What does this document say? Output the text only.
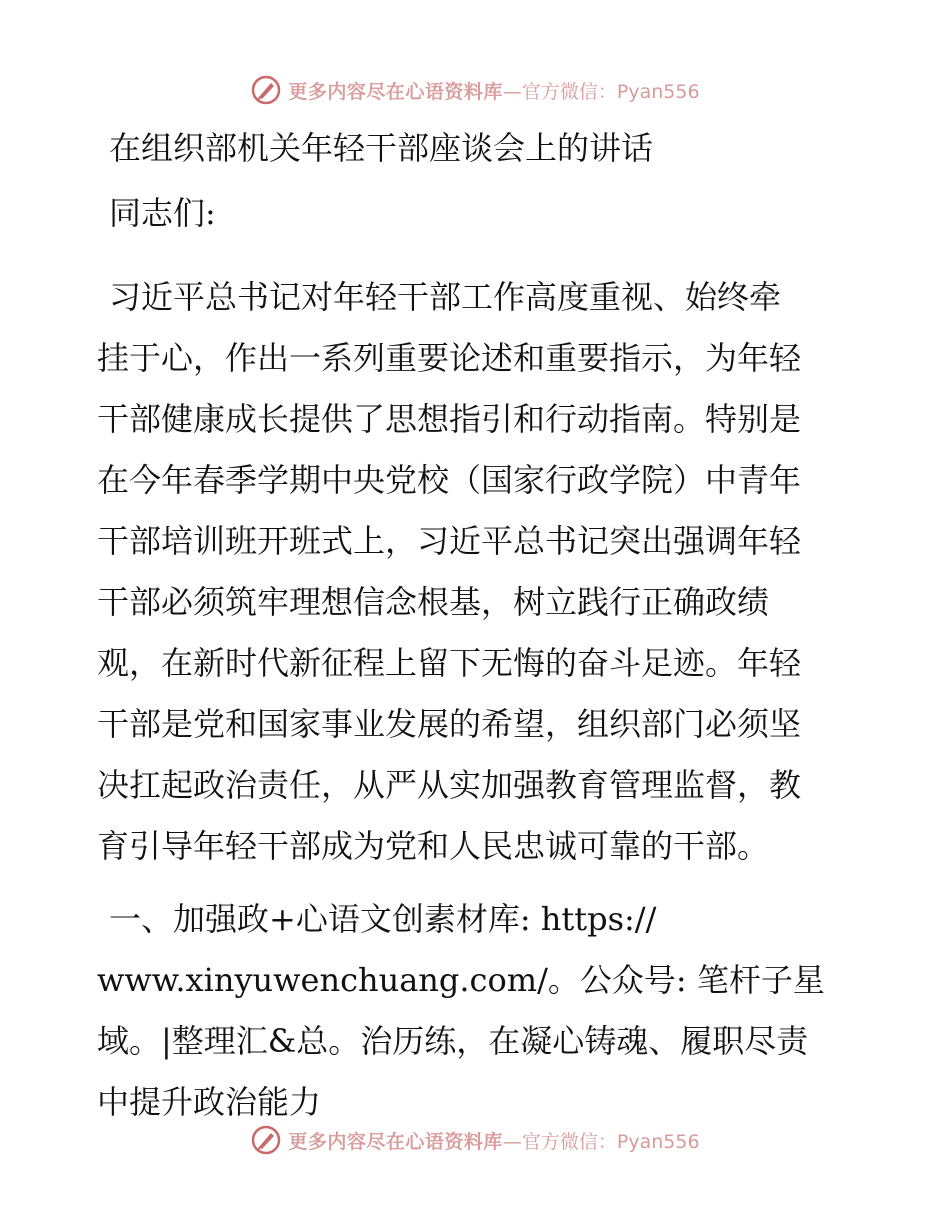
更多内容尽在心语资料库 —官方微信：Pyan556

在组织部机关年轻干部座谈会上的讲话

同志们:

习近平总书记对年轻干部工作高度重视、始终牵
挂于心，作出一系列重要论述和重要指示，为年轻
干部健康成长提供了思想指引和行动指南。特别是
在今年春季学期中央党校（国家行政学院）中青年
干部培训班开班式上，习近平总书记突出强调年轻
干部必须筑牢理想信念根基，树立践行正确政绩
观，在新时代新征程上留下无悔的奋斗足迹。年轻
干部是党和国家事业发展的希望，组织部门必须坚
决扛起政治责任，从严从实加强教育管理监督，教
育引导年轻干部成为党和人民忠诚可靠的干部。
一、加强政+心语文创素材库: https://
www.xinyuwenchuang.com/。公众号: 笔杆子星
域。|整理汇&总。治历练，在凝心铸魂、履职尽责
中提升政治能力
更多内容尽在心语资料库 —官方微信：Pyan556
